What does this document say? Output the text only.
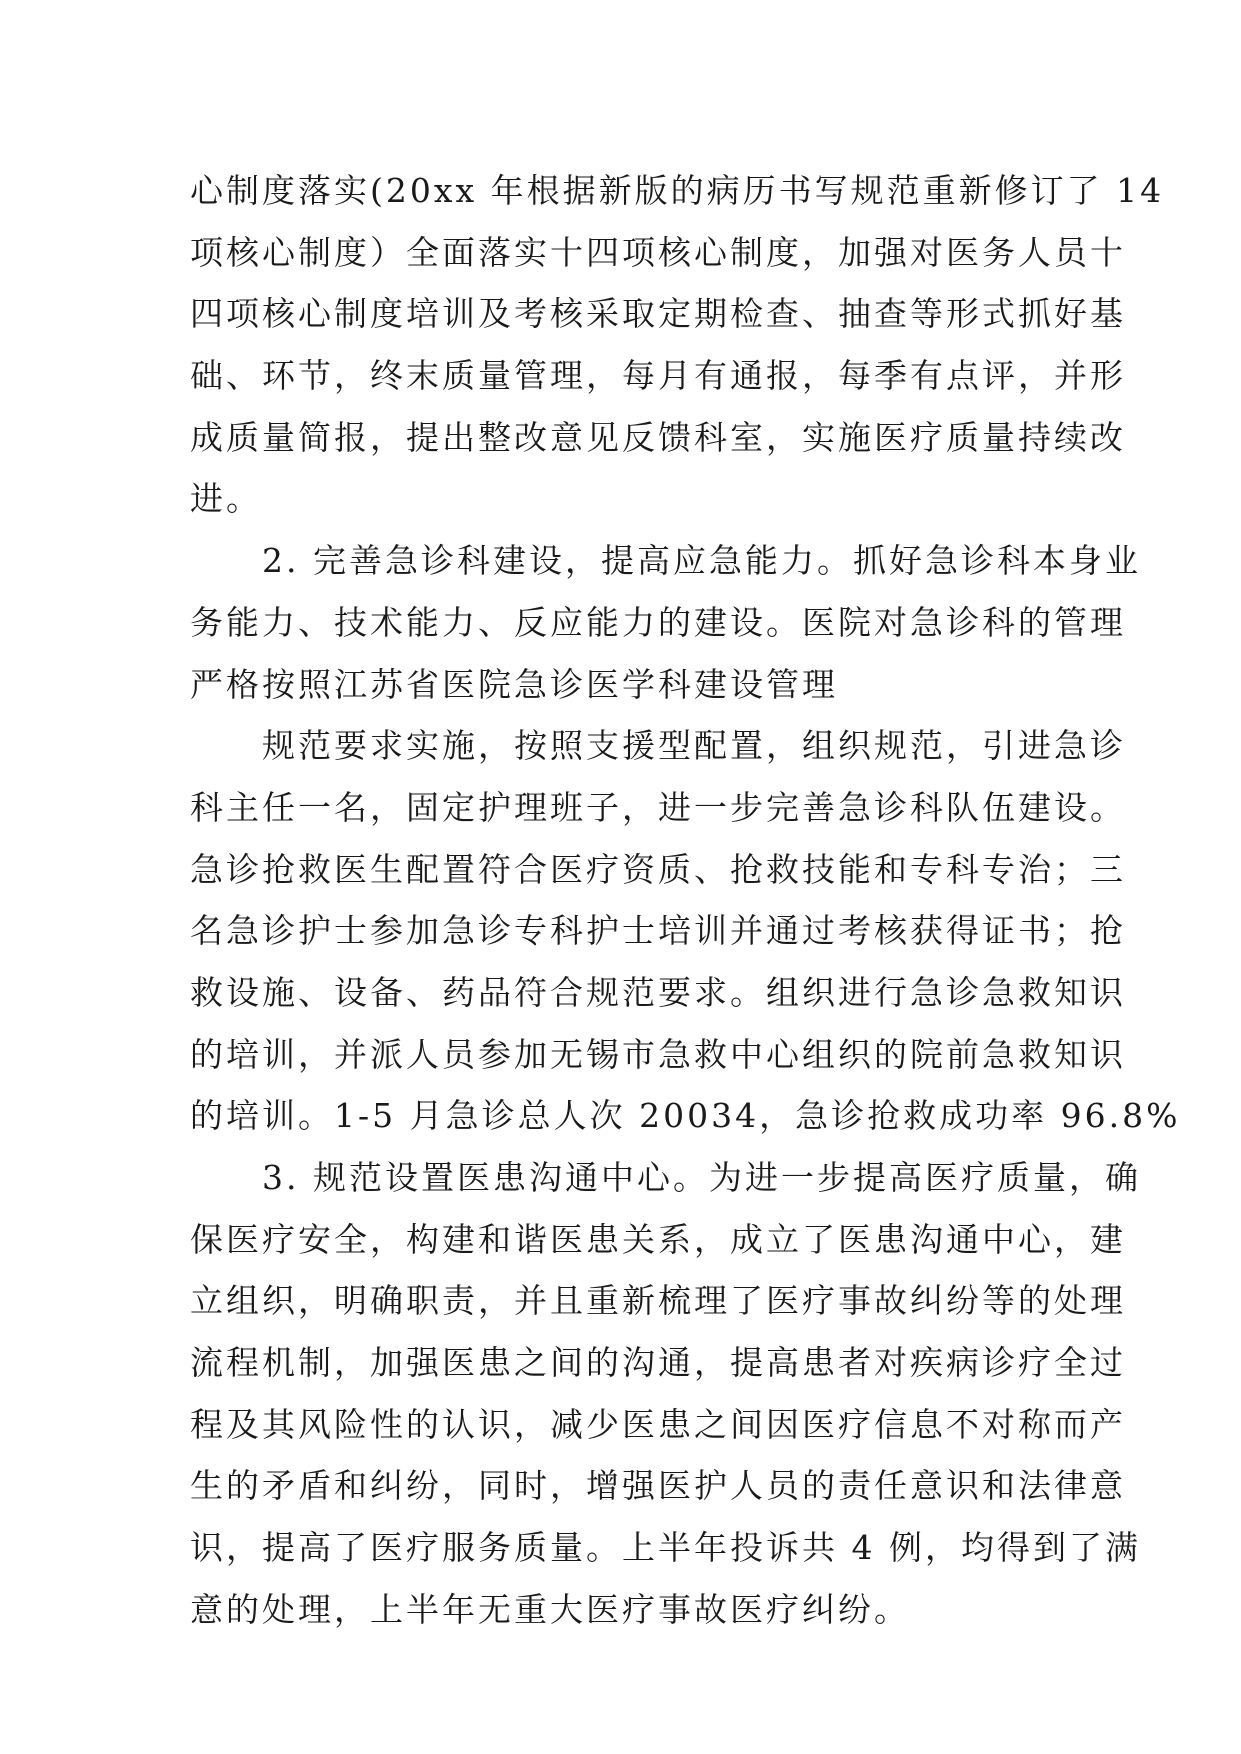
心制度落实(20xx 年根据新版的病历书写规范重新修订了 14
项核心制度）全面落实十四项核心制度，加强对医务人员十
四项核心制度培训及考核采取定期检查、抽查等形式抓好基
础、环节，终末质量管理，每月有通报，每季有点评，并形
成质量简报，提出整改意见反馈科室，实施医疗质量持续改
进。
　　2. 完善急诊科建设，提高应急能力。抓好急诊科本身业
务能力、技术能力、反应能力的建设。医院对急诊科的管理
严格按照江苏省医院急诊医学科建设管理
　　规范要求实施，按照支援型配置，组织规范，引进急诊
科主任一名，固定护理班子，进一步完善急诊科队伍建设。
急诊抢救医生配置符合医疗资质、抢救技能和专科专治；三
名急诊护士参加急诊专科护士培训并通过考核获得证书；抢
救设施、设备、药品符合规范要求。组织进行急诊急救知识
的培训，并派人员参加无锡市急救中心组织的院前急救知识
的培训。1-5 月急诊总人次 20034，急诊抢救成功率 96.8%
　　3. 规范设置医患沟通中心。为进一步提高医疗质量，确
保医疗安全，构建和谐医患关系，成立了医患沟通中心，建
立组织，明确职责，并且重新梳理了医疗事故纠纷等的处理
流程机制，加强医患之间的沟通，提高患者对疾病诊疗全过
程及其风险性的认识，减少医患之间因医疗信息不对称而产
生的矛盾和纠纷，同时，增强医护人员的责任意识和法律意
识，提高了医疗服务质量。上半年投诉共 4 例，均得到了满
意的处理，上半年无重大医疗事故医疗纠纷。
